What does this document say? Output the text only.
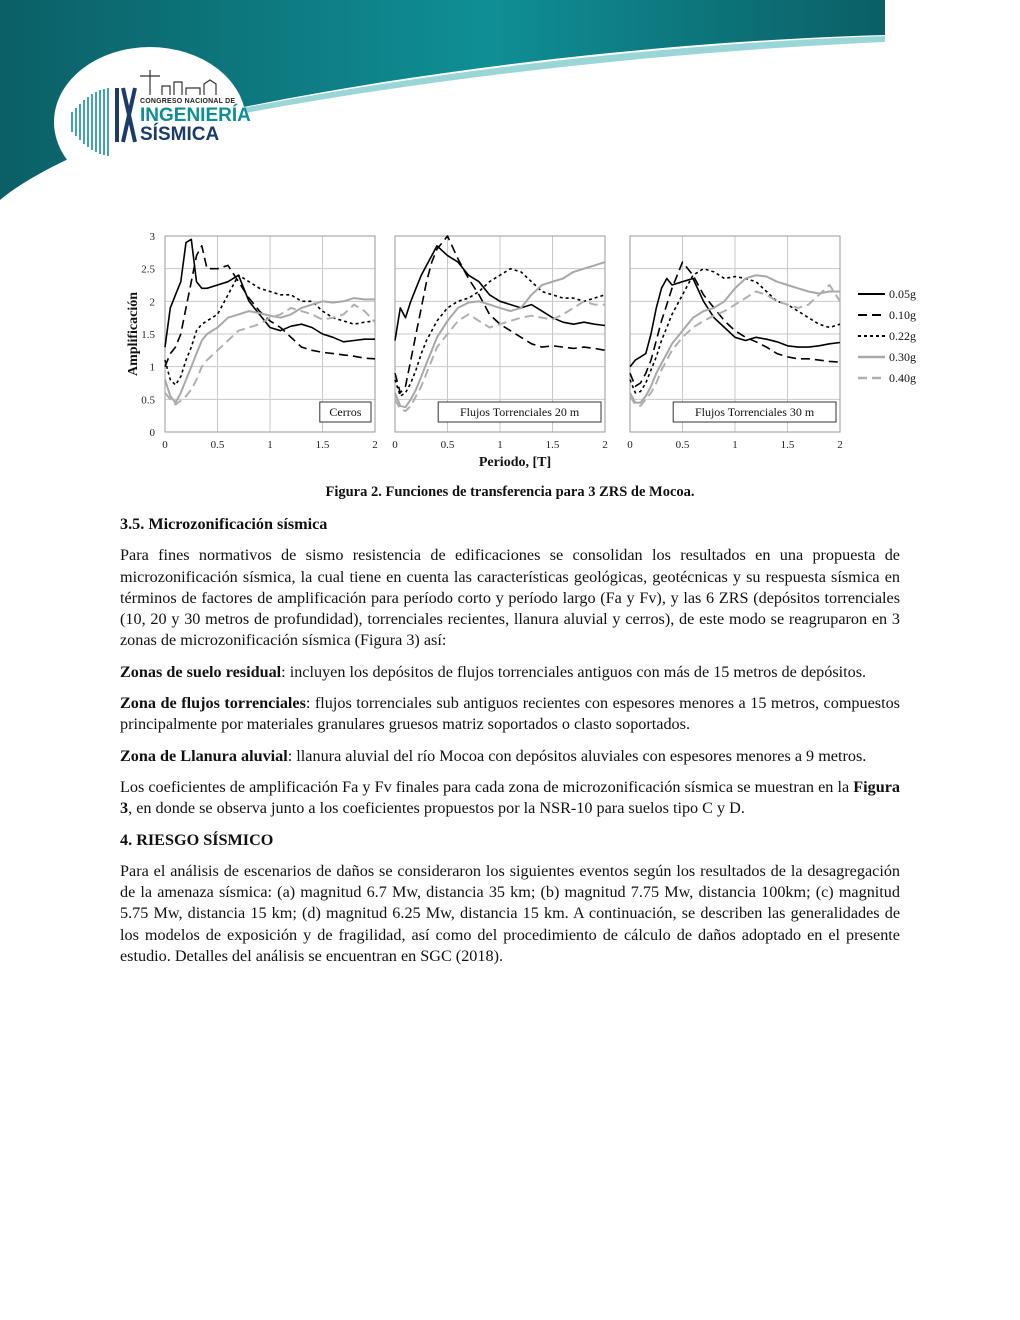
CONGRESO NACIONAL DE
INGENIERÍA
SÍSMICA
0	0.5	1	1.5	2
0
0.5
1
1.5
2
2.5
3
Cerros
0	0.5	1	1.5	2
Flujos Torrenciales 20 m
0	0.5	1	1.5	2
Flujos Torrenciales 30 m
Amplificación
Periodo, [T]
0.05g
0.10g
0.22g
0.30g
0.40g
Figura 2. Funciones de transferencia para 3 ZRS de Mocoa.
3.5. Microzonificación sísmica

Para fines normativos de sismo resistencia de edificaciones se consolidan los resultados en una propuesta de microzonificación sísmica, la cual tiene en cuenta las características geológicas, geotécnicas y su respuesta sísmica en términos de factores de amplificación para período corto y período largo (Fa y Fv), y las 6 ZRS (depósitos torrenciales (10, 20 y 30 metros de profundidad), torrenciales recientes, llanura aluvial y cerros), de este modo se reagruparon en 3 zonas de microzonificación sísmica (Figura 3) así:

Zonas de suelo residual: incluyen los depósitos de flujos torrenciales antiguos con más de 15 metros de depósitos.

Zona de flujos torrenciales: flujos torrenciales sub antiguos recientes con espesores menores a 15 metros, compuestos principalmente por materiales granulares gruesos matriz soportados o clasto soportados.

Zona de Llanura aluvial: llanura aluvial del río Mocoa con depósitos aluviales con espesores menores a 9 metros.

Los coeficientes de amplificación Fa y Fv finales para cada zona de microzonificación sísmica se muestran en la Figura 3, en donde se observa junto a los coeficientes propuestos por la NSR-10 para suelos tipo C y D.

4. RIESGO SÍSMICO

Para el análisis de escenarios de daños se consideraron los siguientes eventos según los resultados de la desagregación de la amenaza sísmica: (a) magnitud 6.7 Mw, distancia 35 km; (b) magnitud 7.75 Mw, distancia 100km; (c) magnitud 5.75 Mw, distancia 15 km; (d) magnitud 6.25 Mw, distancia 15 km. A continuación, se describen las generalidades de los modelos de exposición y de fragilidad, así como del procedimiento de cálculo de daños adoptado en el presente estudio. Detalles del análisis se encuentran en SGC (2018).
